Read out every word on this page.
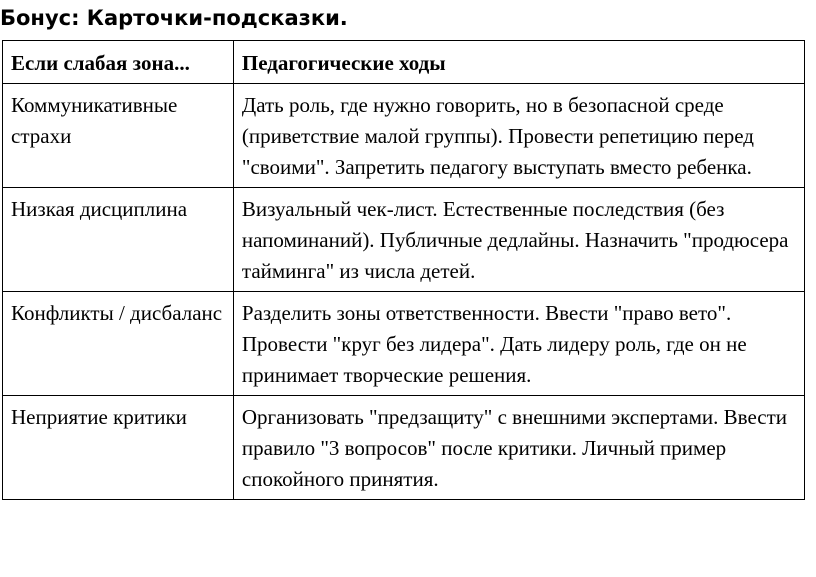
Бонус: Карточки-подсказки.
Если слабая зона...	Педагогические ходы
Коммуникативные страхи	Дать роль, где нужно говорить, но в безопасной среде (приветствие малой группы). Провести репетицию перед "своими". Запретить педагогу выступать вместо ребенка.
Низкая дисциплина	Визуальный чек-лист. Естественные последствия (без напоминаний). Публичные дедлайны. Назначить "продюсера тайминга" из числа детей.
Конфликты / дисбаланс	Разделить зоны ответственности. Ввести "право вето". Провести "круг без лидера". Дать лидеру роль, где он не принимает творческие решения.
Неприятие критики	Организовать "предзащиту" с внешними экспертами. Ввести правило "3 вопросов" после критики. Личный пример спокойного принятия.
